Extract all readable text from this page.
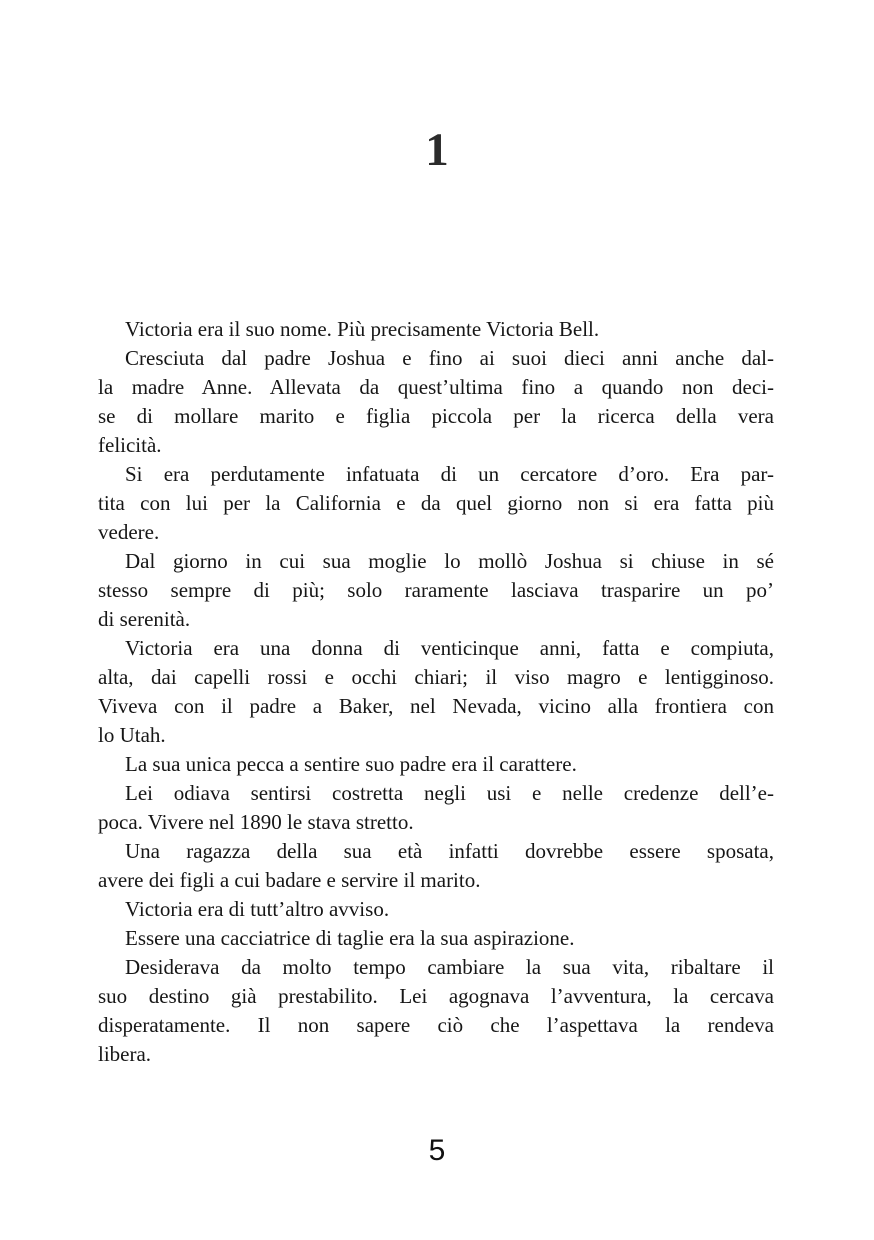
1
Victoria era il suo nome. Più precisamente Victoria Bell.
Cresciuta dal padre Joshua e fino ai suoi dieci anni anche dal-
la madre Anne. Allevata da quest’ultima fino a quando non deci-
se di mollare marito e figlia piccola per la ricerca della vera
felicità.
Si era perdutamente infatuata di un cercatore d’oro. Era par-
tita con lui per la California e da quel giorno non si era fatta più
vedere.
Dal giorno in cui sua moglie lo mollò Joshua si chiuse in sé
stesso sempre di più; solo raramente lasciava trasparire un po’
di serenità.
Victoria era una donna di venticinque anni, fatta e compiuta,
alta, dai capelli rossi e occhi chiari; il viso magro e lentigginoso.
Viveva con il padre a Baker, nel Nevada, vicino alla frontiera con
lo Utah.
La sua unica pecca a sentire suo padre era il carattere.
Lei odiava sentirsi costretta negli usi e nelle credenze dell’e-
poca. Vivere nel 1890 le stava stretto.
Una ragazza della sua età infatti dovrebbe essere sposata,
avere dei figli a cui badare e servire il marito.
Victoria era di tutt’altro avviso.
Essere una cacciatrice di taglie era la sua aspirazione.
Desiderava da molto tempo cambiare la sua vita, ribaltare il
suo destino già prestabilito. Lei agognava l’avventura, la cercava
disperatamente. Il non sapere ciò che l’aspettava la rendeva
libera.
5
